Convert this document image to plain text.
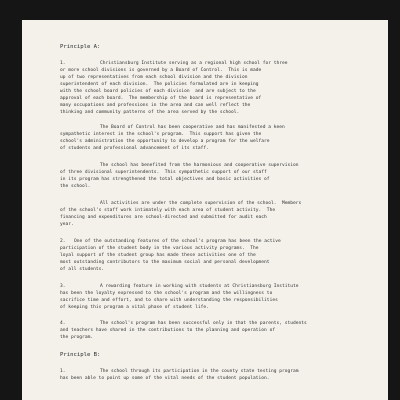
Principle A:
1.	Christiansburg Institute serving as a regional high school for three
or more school divisions is governed by a Board of Control.  This is made
up of two representatives from each school division and the division
superintendent of each division.  The policies formulated are in keeping
with the school board policies of each division  and are subject to the
approval of each board.  The membership of the board is representative of
many occupations and professions in the area and can well reflect the
thinking and community patterns of the area served by the school.
The Board of Control has been cooperative and has manifested a keen
sympathetic interest in the school's program.  This support has given the
school's administration the opportunity to develop a program for the welfare
of students and professional advancement of its staff.
The school has benefited from the harmonious and cooperative supervision
of three divisional superintendents.  This sympathetic support of our staff
in its program has strengthened the total objectives and basic activities of
the school.
All activities are under the complete supervision of the school.  Members
of the school's staff work intimately with each area of student activity.  The
financing and expenditures are school-directed and submitted for audit each
year.
2. One of the outstanding features of the school's program has been the active
participation of the student body in the various activity programs.  The
loyal support of the student group has made these activities one of the
most outstanding contributors to the maximum social and personal development
of all students.
3.	A rewarding feature in working with students at Christiansburg Institute
has been the loyalty expressed to the school's program and the willingness to
sacrifice time and effort, and to share with understanding the responsibilities
of keeping this program a vital phase of student life.
4.	The school's program has been successful only in that the parents, students
and teachers have shared in the contributions to the planning and operation of
the program.
Principle B:
1.	The school through its participation in the county state testing program
has been able to point up some of the vital needs of the student population.
